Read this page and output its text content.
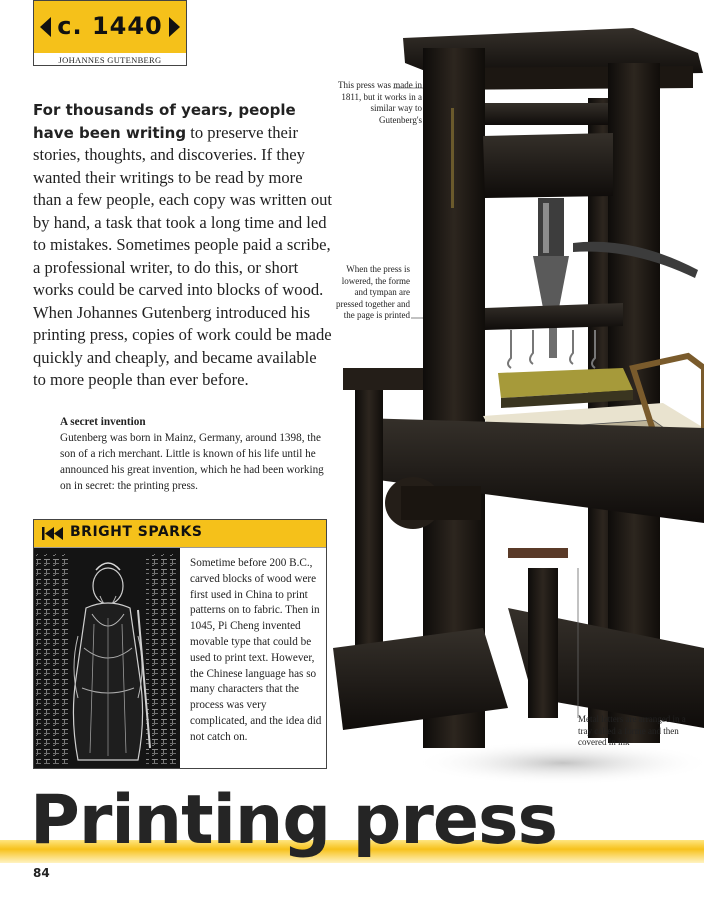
c. 1440
JOHANNES GUTENBERG
For thousands of years, people have been writing to preserve their stories, thoughts, and discoveries. If they wanted their writings to be read by more than a few people, each copy was written out by hand, a task that took a long time and led to mistakes. Sometimes people paid a scribe, a professional writer, to do this, or short works could be carved into blocks of wood. When Johannes Gutenberg introduced his printing press, copies of work could be made quickly and cheaply, and became available to more people than ever before.
A secret invention
Gutenberg was born in Mainz, Germany, around 1398, the son of a rich merchant. Little is known of his life until he announced his great invention, which he had been working on in secret: the printing press.
BRIGHT SPARKS
Sometime before 200 B.C., carved blocks of wood were first used in China to print patterns on to fabric. Then in 1045, Pi Cheng invented movable type that could be used to print text. However, the Chinese language has so many characters that the process was very complicated, and the idea did not catch on.
This press was made in 1811, but it works in a similar way to Gutenberg's
When the press is lowered, the forme and tympan are pressed together and the page is printed
Metal letters are arranged in a tray called a forme and then covered in ink
Printing press
84
